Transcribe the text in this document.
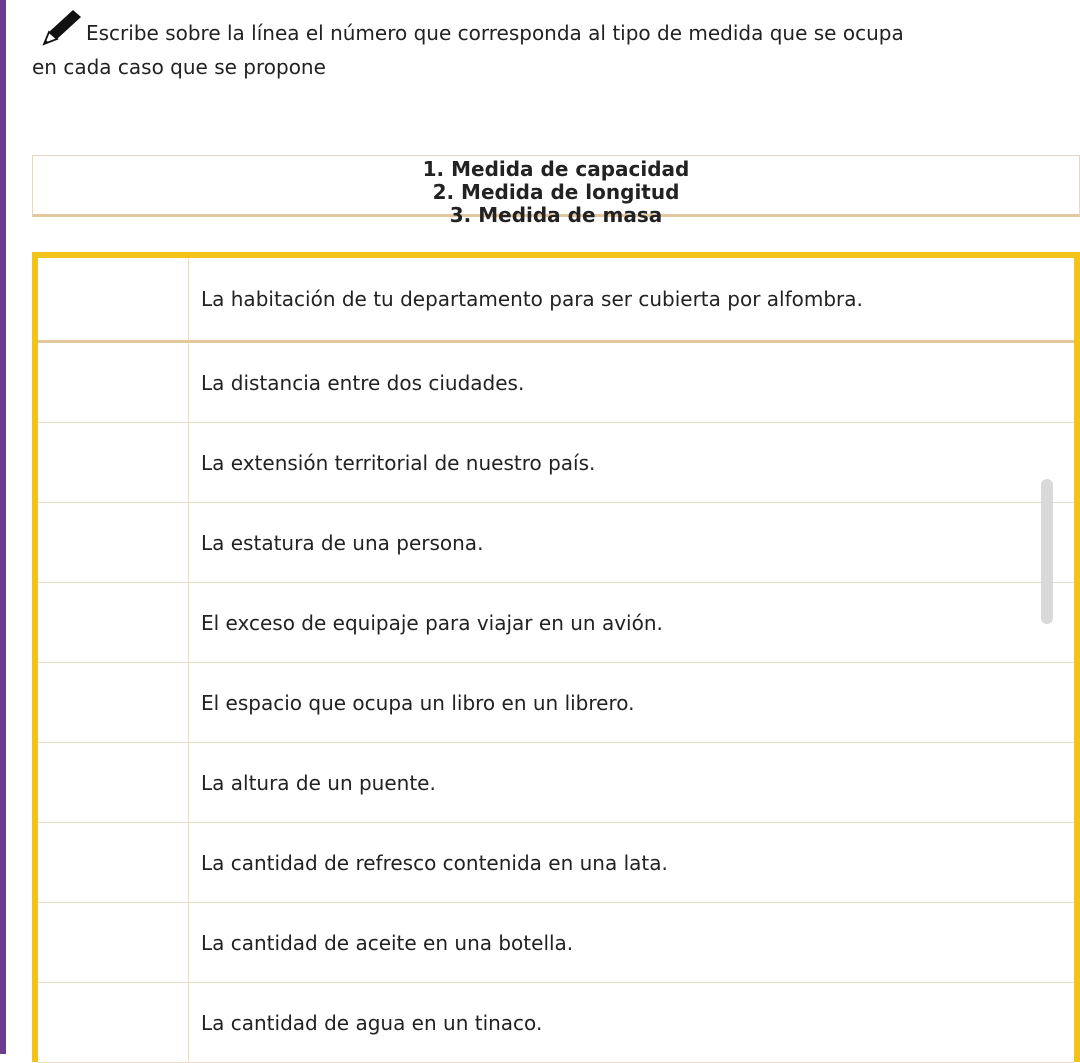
Escribe sobre la línea el número que corresponda al tipo de medida que se ocupa
en cada caso que se propone
1. Medida de capacidad
2. Medida de longitud
3. Medida de masa
	La habitación de tu departamento para ser cubierta por alfombra.
	La distancia entre dos ciudades.
	La extensión territorial de nuestro país.
	La estatura de una persona.
	El exceso de equipaje para viajar en un avión.
	El espacio que ocupa un libro en un librero.
	La altura de un puente.
	La cantidad de refresco contenida en una lata.
	La cantidad de aceite en una botella.
	La cantidad de agua en un tinaco.
